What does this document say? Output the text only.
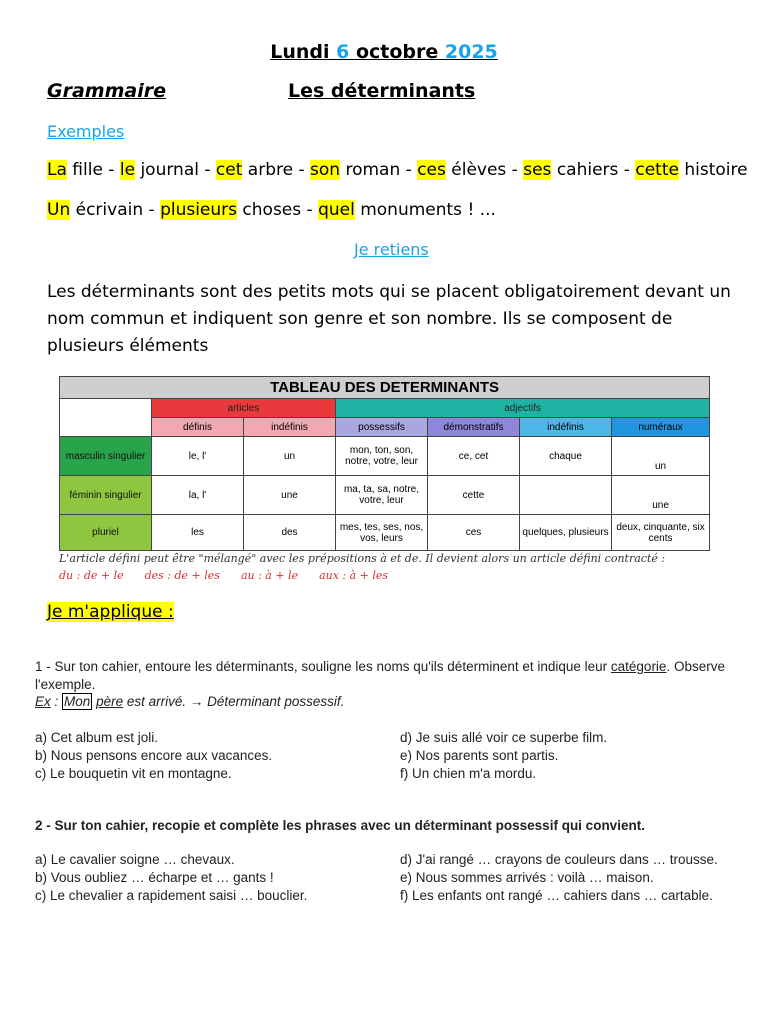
Lundi 6 octobre 2025
Grammaire	Les déterminants
Exemples
La fille - le journal - cet arbre - son roman - ces élèves - ses cahiers - cette histoire
Un écrivain - plusieurs choses - quel monuments ! ...
Je retiens
Les déterminants sont des petits mots qui se placent obligatoirement devant un nom commun et indiquent son genre et son nombre. Ils se composent de plusieurs éléments
TABLEAU DES DETERMINANTS						
	articles		adjectifs			
	définis	indéfinis	possessifs	démonstratifs	indéfinis	numéraux
masculin singulier	le, l'	un	mon, ton, son, notre, votre, leur	ce, cet	chaque	un
féminin singulier	la, l'	une	ma, ta, sa, notre, votre, leur	cette		une
pluriel	les	des	mes, tes, ses, nos, vos, leurs	ces	quelques, plusieurs	deux, cinquante, six cents
L'article défini peut être "mélangé" avec les prépositions à et de. Il devient alors un article défini contracté :
du : de + le des : de + les au : à + le aux : à + les
Je m'applique :
1 - Sur ton cahier, entoure les déterminants, souligne les noms qu'ils déterminent et indique leur catégorie. Observe l'exemple.
Ex : Mon père est arrivé. → Déterminant possessif.
a) Cet album est joli.
b) Nous pensons encore aux vacances.
c) Le bouquetin vit en montagne.
d) Je suis allé voir ce superbe film.
e) Nos parents sont partis.
f) Un chien m'a mordu.
2 - Sur ton cahier, recopie et complète les phrases avec un déterminant possessif qui convient.
a) Le cavalier soigne … chevaux.
b) Vous oubliez … écharpe et … gants !
c) Le chevalier a rapidement saisi … bouclier.
d) J'ai rangé … crayons de couleurs dans … trousse.
e) Nous sommes arrivés : voilà … maison.
f) Les enfants ont rangé … cahiers dans … cartable.
